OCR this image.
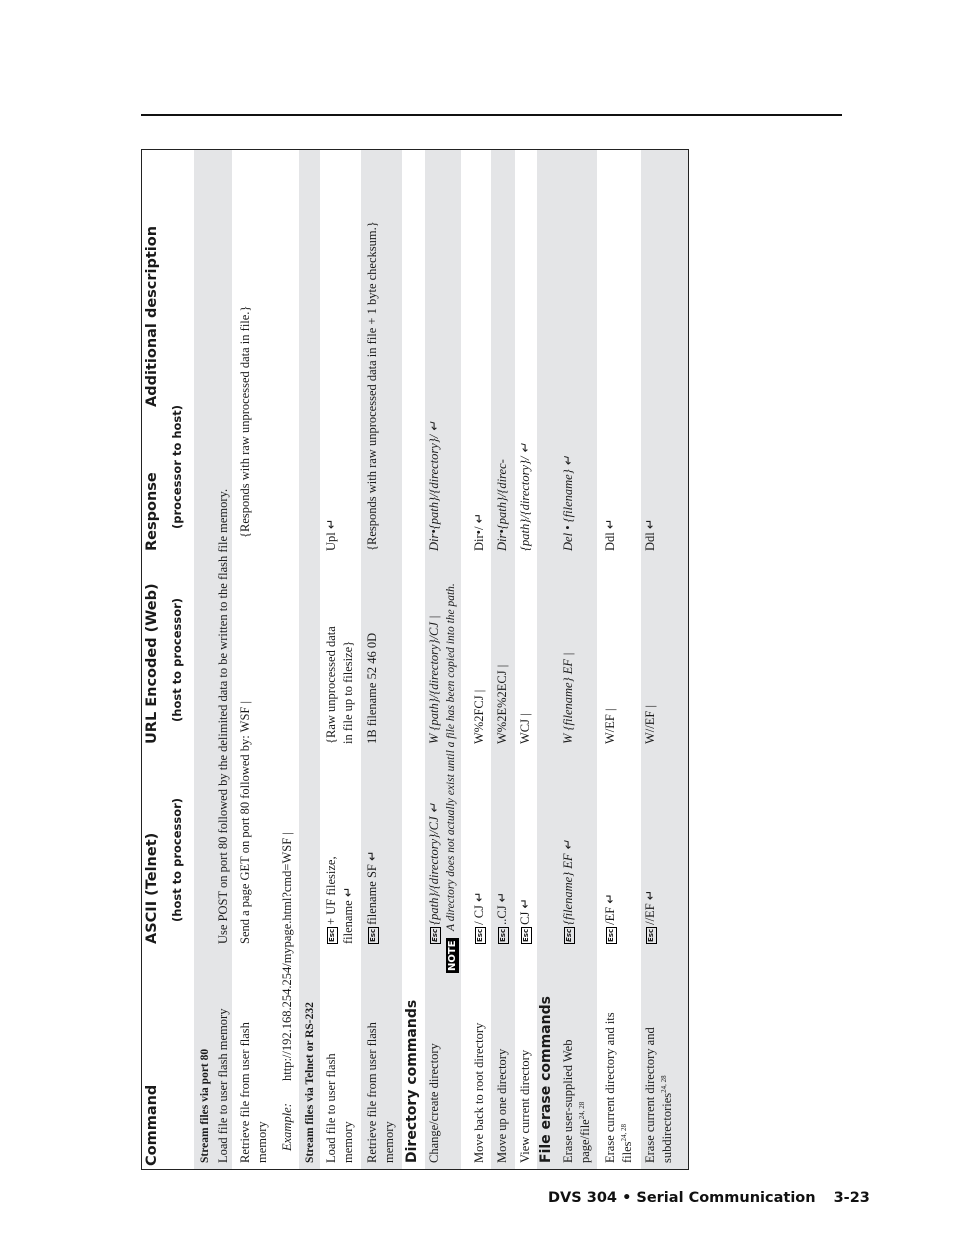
Command
ASCII (Telnet) (host to processor)
URL Encoded (Web) (host to processor)
Response (processor to host)
Additional description
Stream files via port 80 Load file to user flash memory
Use POST on port 80 followed by the delimited data to be written to the flash file memory.
Retrieve file from user flash memory
Send a page GET on port 80 followed by: WSF |
{Responds with raw unprocessed data in file.}
Example:
http://192.168.254.254/mypage.html?cmd=WSF |
Stream files via Telnet or RS-232 Load file to user flash memory
Esc+ UF filesize, filename ↵
{Raw unprocessed data in file up to filesize}
Upl ↵
Retrieve file from user flash memory
Escfilename SF ↵
1B filename 52 46 0D
{Responds with raw unprocessed data in file + 1 byte checksum.}
Directory commands Change/create directory
Esc{path}/{directory}/CJ ↵
W {path}/{directory}/CJ |
Dir•{path}/{directory}/ ↵
NOTE
A directory does not actually exist until a file has been copied into the path.
Move back to root directory
Esc/ CJ ↵
W%2FCJ |
Dir•/ ↵
Move up one directory
Esc..CJ ↵
W%2E%2ECJ |
Dir•{path}/{direc-
View current directory
EscCJ ↵
WCJ |
{path}/{directory}/ ↵
File erase commands Erase user-supplied Web page/file$^{24, 28}$
Esc{filename} EF ↵
W {filename} EF |
Del • {filename} ↵
Erase current directory and its files$^{24, 28}$
Esc/EF ↵
W/EF |
Ddl ↵
Erase current directory and subdirectories$^{24, 28}$
Esc//EF ↵
W//EF |
Ddl ↵
DVS 304 • Serial Communication 3-23
